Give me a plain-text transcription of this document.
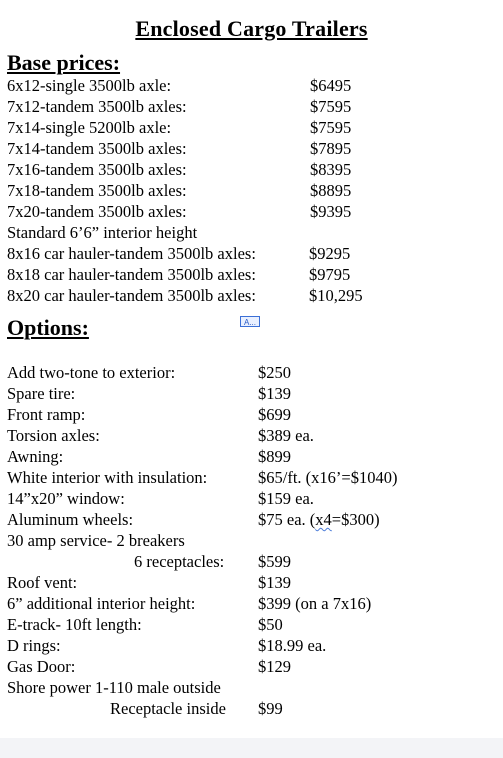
Enclosed Cargo Trailers
Base prices:
6x12-single 3500lb axle:	$6495
7x12-tandem 3500lb axles:	$7595
7x14-single 5200lb axle:	$7595
7x14-tandem 3500lb axles:	$7895
7x16-tandem 3500lb axles:	$8395
7x18-tandem 3500lb axles:	$8895
7x20-tandem 3500lb axles:	$9395
Standard 6’6” interior height
8x16 car hauler-tandem 3500lb axles:	$9295
8x18 car hauler-tandem 3500lb axles:	$9795
8x20 car hauler-tandem 3500lb axles:	$10,295
Options:	A...
Add two-tone to exterior:	$250
Spare tire:	$139
Front ramp:	$699
Torsion axles:	$389 ea.
Awning:	$899
White interior with insulation:	$65/ft. (x16’=$1040)
14”x20” window:	$159 ea.
Aluminum wheels:	$75 ea. (x4=$300)
30 amp service- 2 breakers
6 receptacles: $599
Roof vent:	$139
6” additional interior height:	$399 (on a 7x16)
E-track- 10ft length:	$50
D rings:	$18.99 ea.
Gas Door:	$129
Shore power 1-110 male outside
Receptacle inside $99
